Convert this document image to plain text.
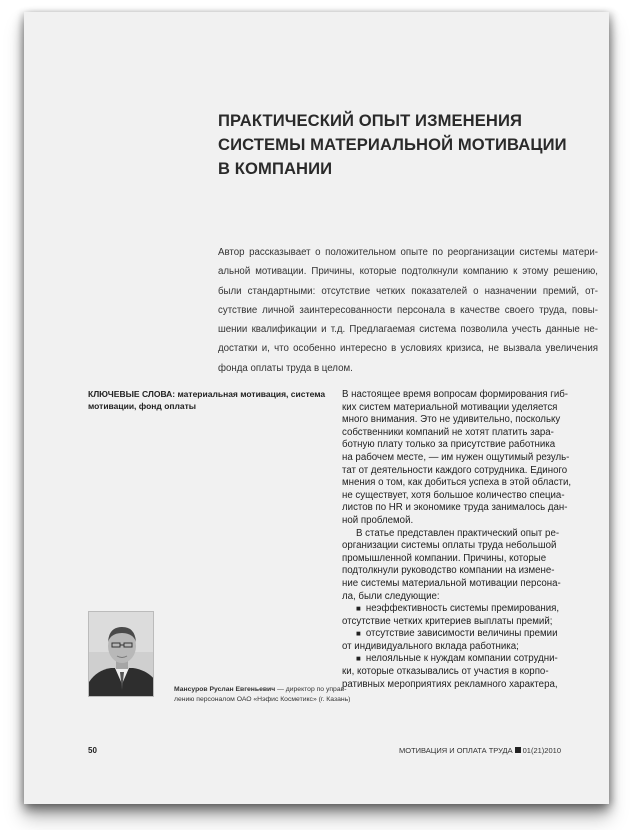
ПРАКТИЧЕСКИЙ ОПЫТ ИЗМЕНЕНИЯ
СИСТЕМЫ МАТЕРИАЛЬНОЙ МОТИВАЦИИ
В КОМПАНИИ
Автор рассказывает о положительном опыте по реорганизации системы матери-
альной мотивации. Причины, которые подтолкнули компанию к этому решению,
были стандартными: отсутствие четких показателей о назначении премий, от-
сутствие личной заинтересованности персонала в качестве своего труда, повы-
шении квалификации и т.д. Предлагаемая система позволила учесть данные не-
достатки и, что особенно интересно в условиях кризиса, не вызвала увеличения
фонда оплаты труда в целом.
КЛЮЧЕВЫЕ СЛОВА: материальная мотивация, система мотивации, фонд оплаты
В настоящее время вопросам формирования гиб-
ких систем материальной мотивации уделяется
много внимания. Это не удивительно, поскольку
собственники компаний не хотят платить зара-
ботную плату только за присутствие работника
на рабочем месте, — им нужен ощутимый резуль-
тат от деятельности каждого сотрудника. Единого
мнения о том, как добиться успеха в этой области,
не существует, хотя большое количество специа-
листов по HR и экономике труда занималось дан-
ной проблемой.
В статье представлен практический опыт ре-
организации системы оплаты труда небольшой
промышленной компании. Причины, которые
подтолкнули руководство компании на измене-
ние системы материальной мотивации персона-
ла, были следующие:
■ неэффективность системы премирования,
отсутствие четких критериев выплаты премий;
■ отсутствие зависимости величины премии
от индивидуального вклада работника;
■ нелояльные к нуждам компании сотрудни-
ки, которые отказывались от участия в корпо-
ративных мероприятиях рекламного характера,
Мансуров Руслан Евгеньевич — директор по управ-
лению персоналом ОАО «Нэфис Косметикс» (г. Казань)
50	МОТИВАЦИЯ И ОПЛАТА ТРУДА 01(21)2010
